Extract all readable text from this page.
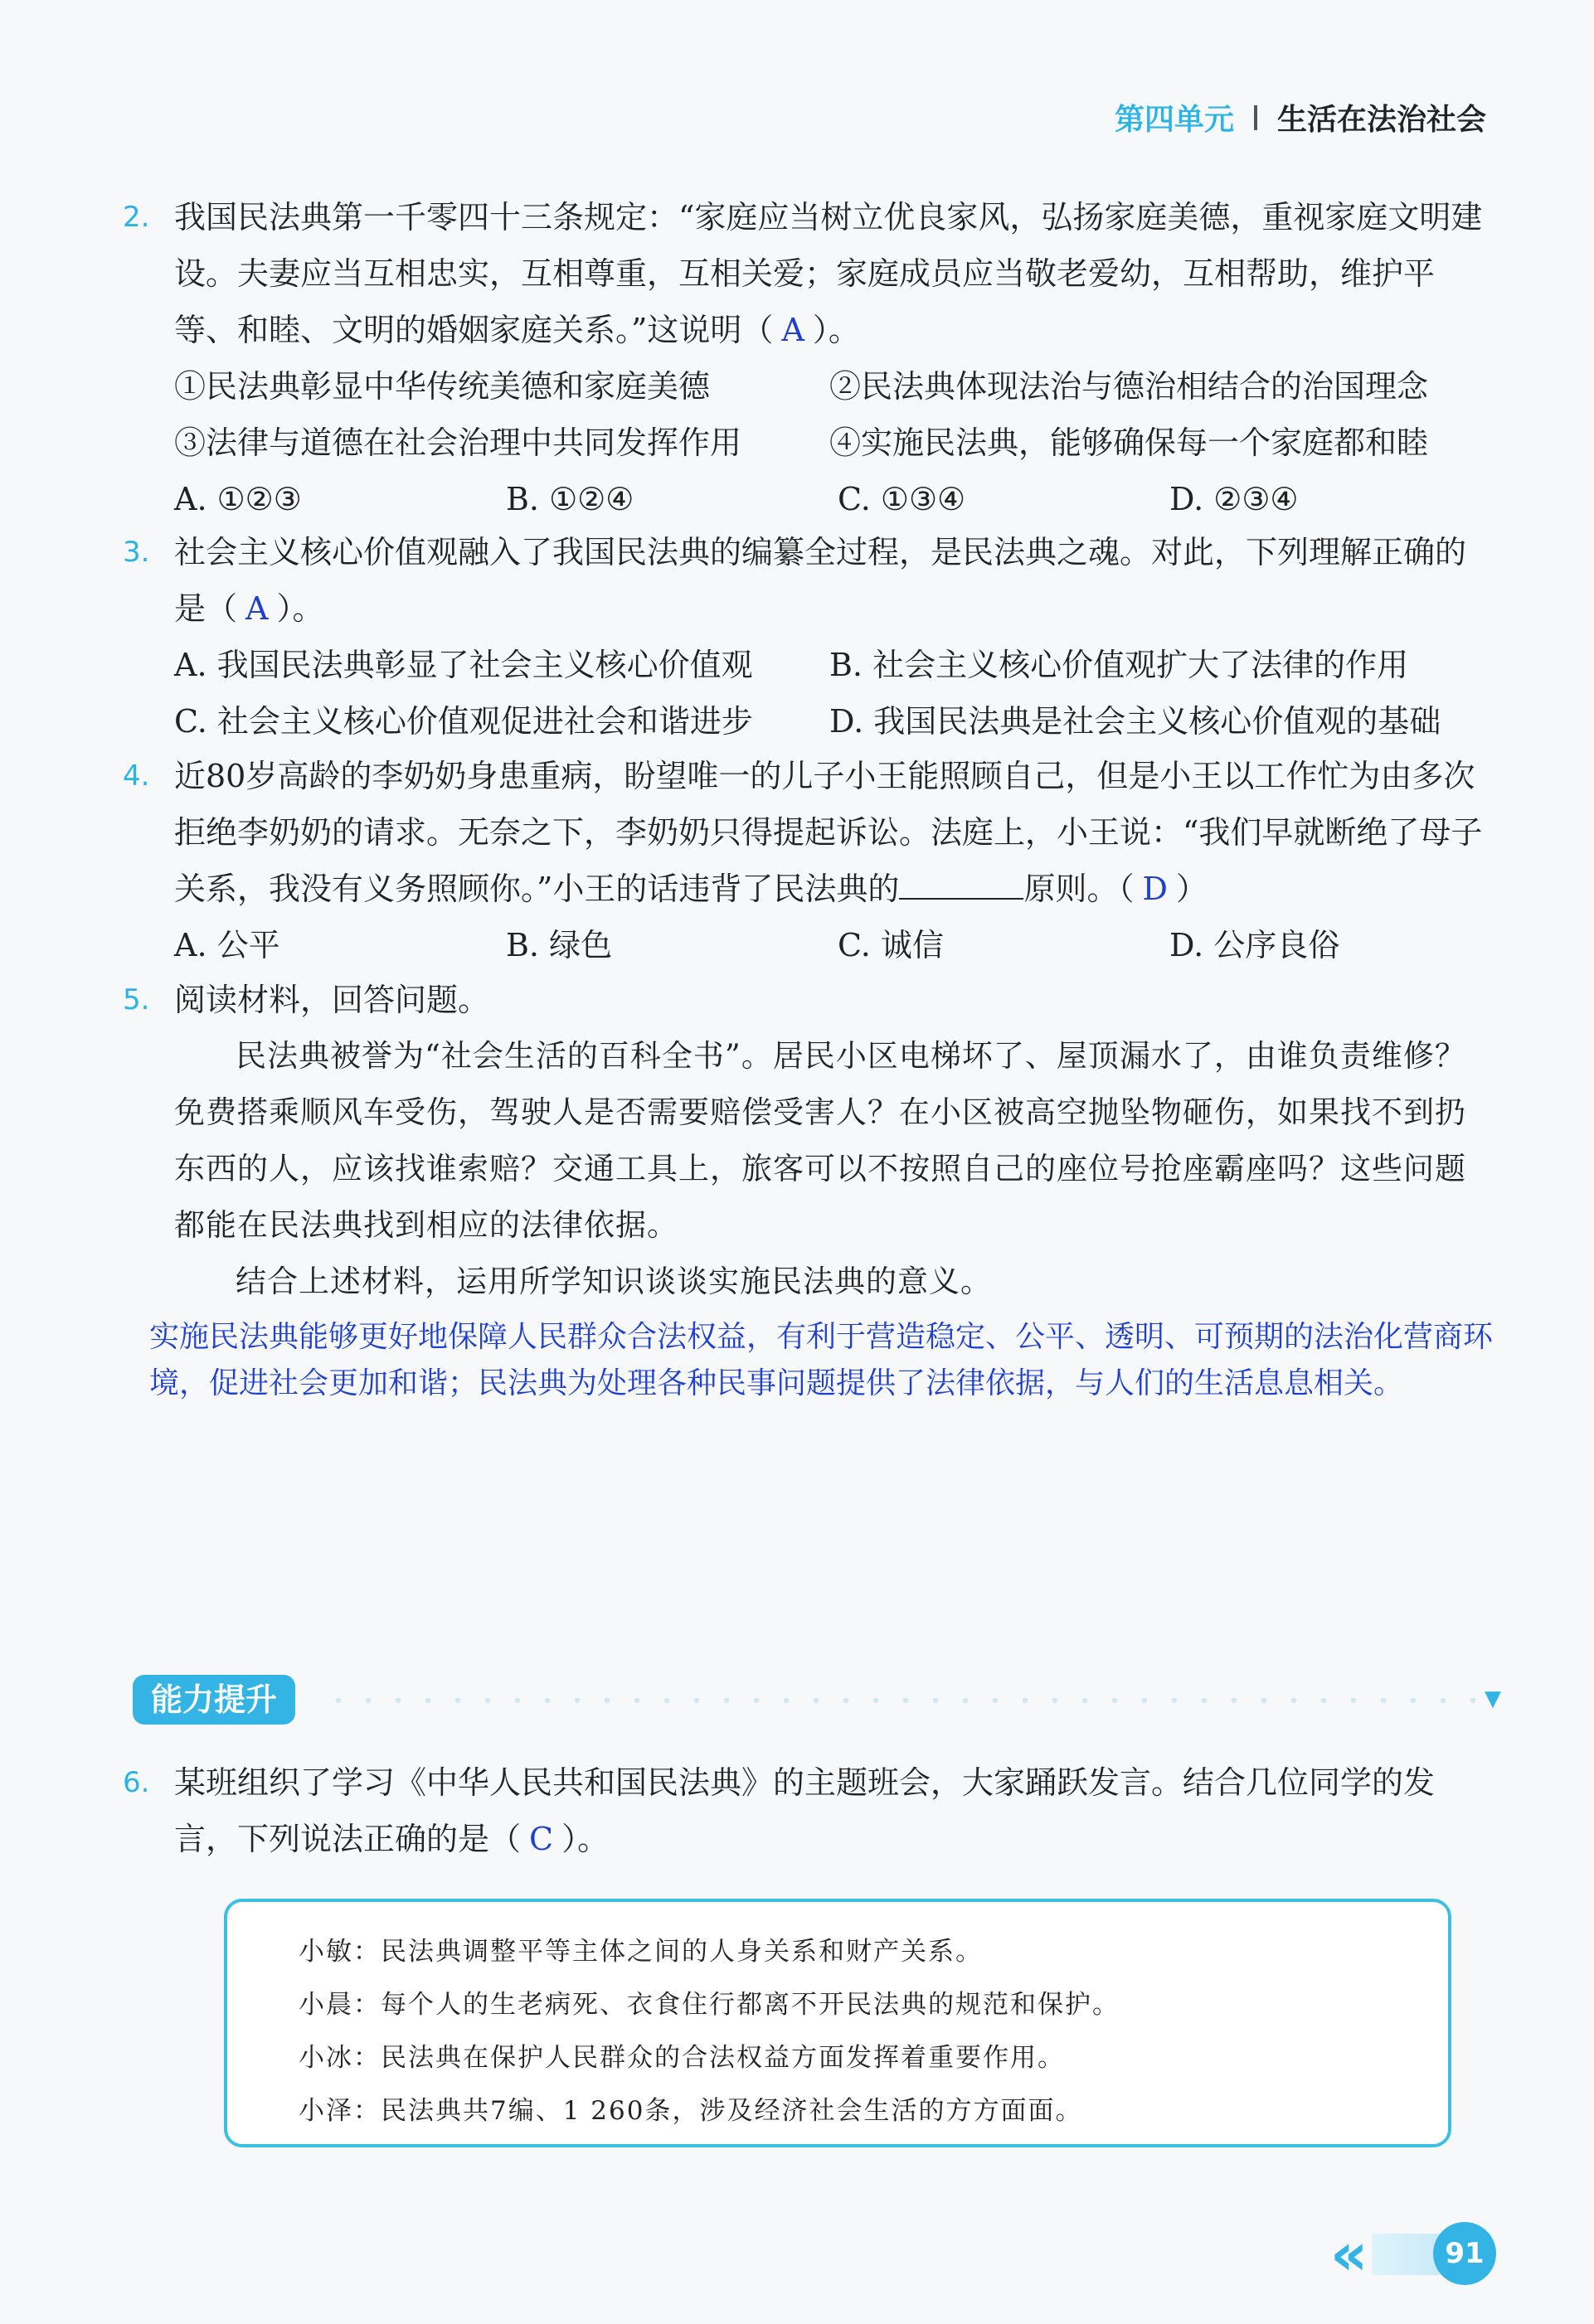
第四单元 生活在法治社会
2. 我国民法典第一千零四十三条规定：“家庭应当树立优良家风，弘扬家庭美德，重视家庭文明建设。夫妻应当互相忠实，互相尊重，互相关爱；家庭成员应当敬老爱幼，互相帮助，维护平等、和睦、文明的婚姻家庭关系。”这说明（ A ）。
①民法典彰显中华传统美德和家庭美德	②民法典体现法治与德治相结合的治国理念
③法律与道德在社会治理中共同发挥作用	④实施民法典，能够确保每一个家庭都和睦
A. ①②③	B. ①②④	C. ①③④	D. ②③④
3. 社会主义核心价值观融入了我国民法典的编纂全过程，是民法典之魂。对此，下列理解正确的是（ A ）。
A. 我国民法典彰显了社会主义核心价值观	B. 社会主义核心价值观扩大了法律的作用
C. 社会主义核心价值观促进社会和谐进步	D. 我国民法典是社会主义核心价值观的基础
4. 近80岁高龄的李奶奶身患重病，盼望唯一的儿子小王能照顾自己，但是小王以工作忙为由多次拒绝李奶奶的请求。无奈之下，李奶奶只得提起诉讼。法庭上，小王说：“我们早就断绝了母子关系，我没有义务照顾你。”小王的话违背了民法典的	原则。（ D ）
A. 公平	B. 绿色	C. 诚信	D. 公序良俗
5. 阅读材料，回答问题。

民法典被誉为“社会生活的百科全书”。居民小区电梯坏了、屋顶漏水了，由谁负责维修？免费搭乘顺风车受伤，驾驶人是否需要赔偿受害人？在小区被高空抛坠物砸伤，如果找不到扔东西的人，应该找谁索赔？交通工具上，旅客可以不按照自己的座位号抢座霸座吗？这些问题都能在民法典找到相应的法律依据。

结合上述材料，运用所学知识谈谈实施民法典的意义。

实施民法典能够更好地保障人民群众合法权益，有利于营造稳定、公平、透明、可预期的法治化营商环境，促进社会更加和谐；民法典为处理各种民事问题提供了法律依据，与人们的生活息息相关。
能力提升	▼
6. 某班组织了学习《中华人民共和国民法典》的主题班会，大家踊跃发言。结合几位同学的发言，下列说法正确的是（ C ）。
小敏：民法典调整平等主体之间的人身关系和财产关系。
小晨：每个人的生老病死、衣食住行都离不开民法典的规范和保护。
小冰：民法典在保护人民群众的合法权益方面发挥着重要作用。
小泽：民法典共7编、1 260条，涉及经济社会生活的方方面面。
«	91
